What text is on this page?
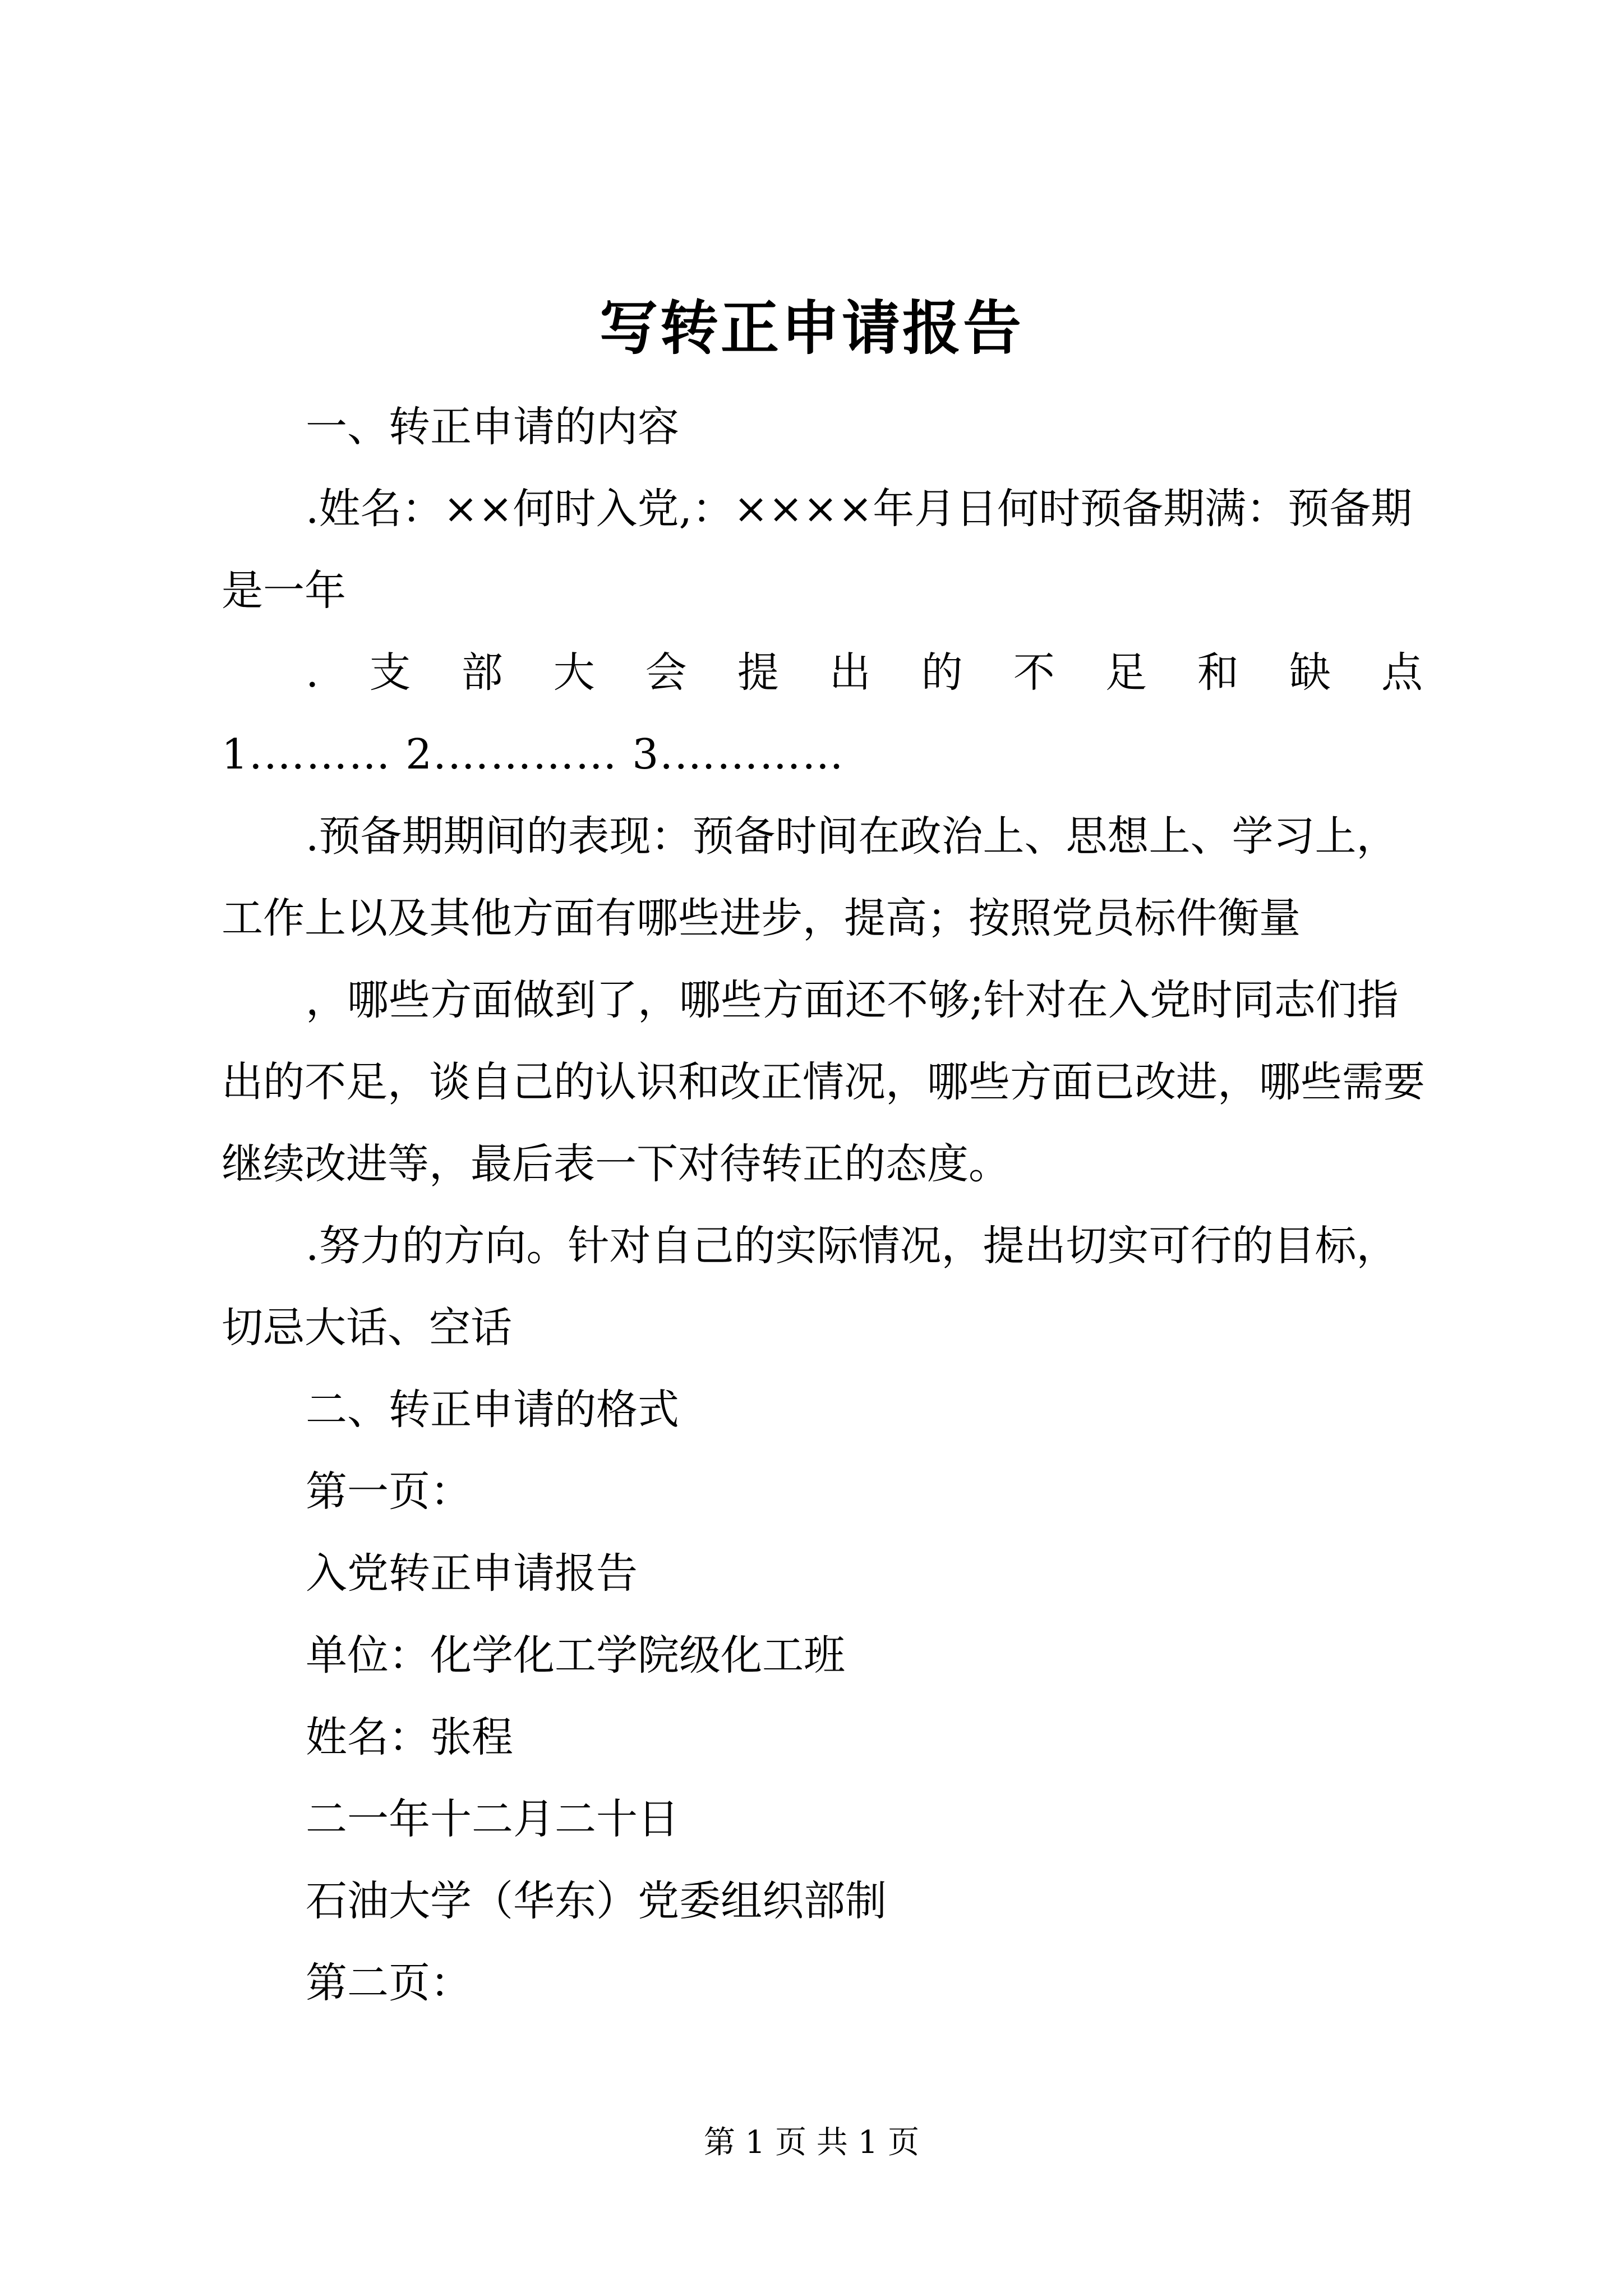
写转正申请报告

一、转正申请的内容

.姓名：××何时入党,：××××年月日何时预备期满：预备期是一年

.支部大会提出的不足和缺点

1.……… 2.………… 3.…………

.预备期期间的表现：预备时间在政治上、思想上、学习上，工作上以及其他方面有哪些进步，提高；按照党员标件衡量

，哪些方面做到了，哪些方面还不够;针对在入党时同志们指出的不足，谈自己的认识和改正情况，哪些方面已改进，哪些需要继续改进等，最后表一下对待转正的态度。

.努力的方向。针对自己的实际情况，提出切实可行的目标，切忌大话、空话

二、转正申请的格式

第一页：

入党转正申请报告

单位：化学化工学院级化工班

姓名：张程

二一年十二月二十日

石油大学（华东）党委组织部制

第二页：

第 1 页 共 1 页
